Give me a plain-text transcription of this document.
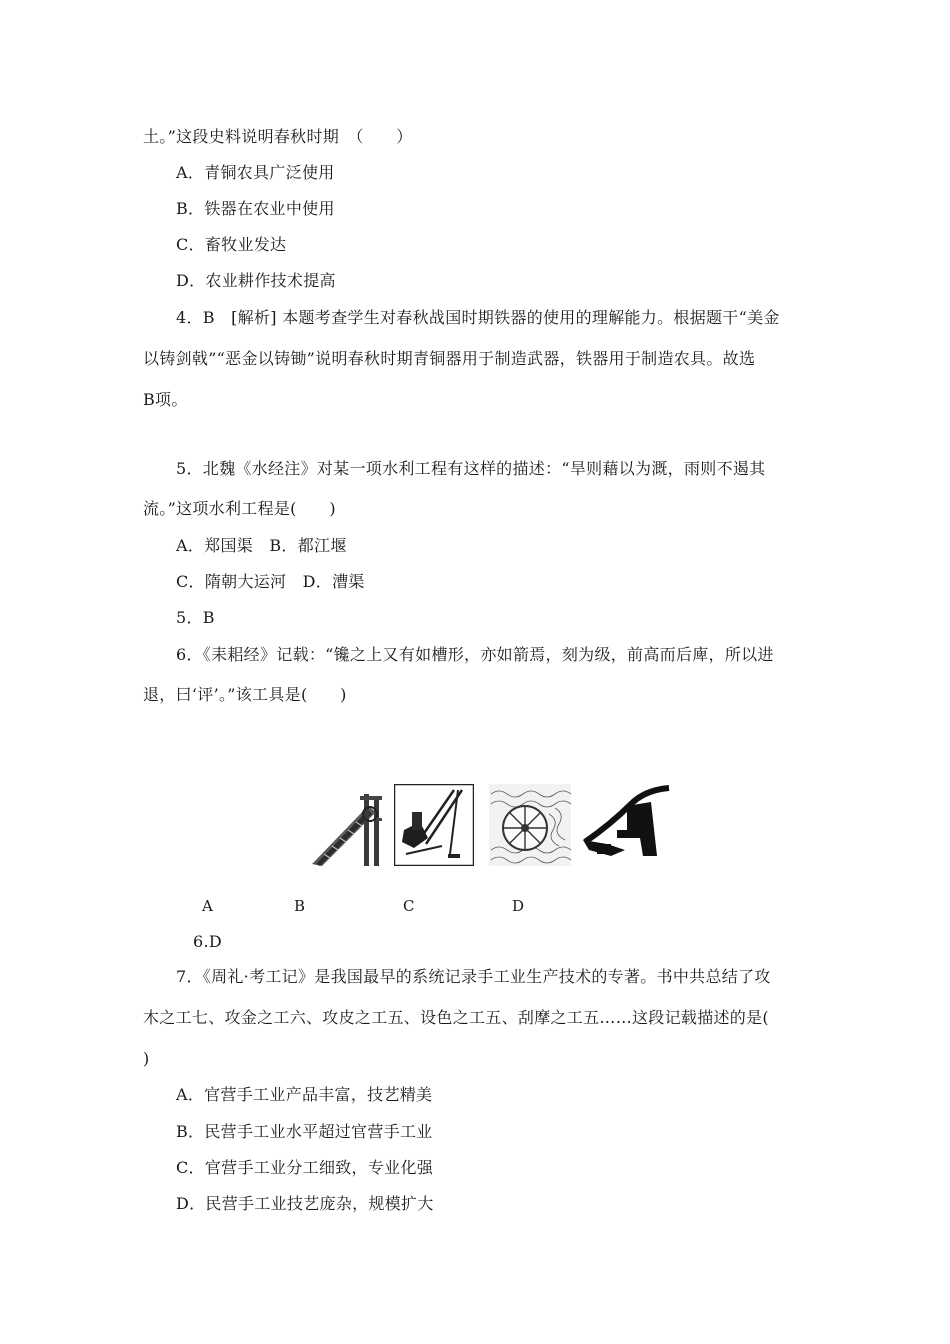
土。”这段史料说明春秋时期　（　　）
A．青铜农具广泛使用
B．铁器在农业中使用
C．畜牧业发达
D．农业耕作技术提高
4．B　[解析] 本题考查学生对春秋战国时期铁器的使用的理解能力。根据题干“美金
以铸剑戟”“恶金以铸锄”说明春秋时期青铜器用于制造武器，铁器用于制造农具。故选
B项。
5．北魏《水经注》对某一项水利工程有这样的描述：“旱则藉以为溉，雨则不遏其
流。”这项水利工程是(　　)
A．郑国渠　B．都江堰
C．隋朝大运河　D．漕渠
5．B
6．《耒耜经》记载：“镵之上又有如槽形，亦如箭焉，刻为级，前高而后庳，所以进
退，曰‘评’。”该工具是(　　)
A	B	C	D
6.D
7．《周礼·考工记》是我国最早的系统记录手工业生产技术的专著。书中共总结了攻
木之工七、攻金之工六、攻皮之工五、设色之工五、刮摩之工五……这段记载描述的是(
)
A．官营手工业产品丰富，技艺精美
B．民营手工业水平超过官营手工业
C．官营手工业分工细致，专业化强
D．民营手工业技艺庞杂，规模扩大
